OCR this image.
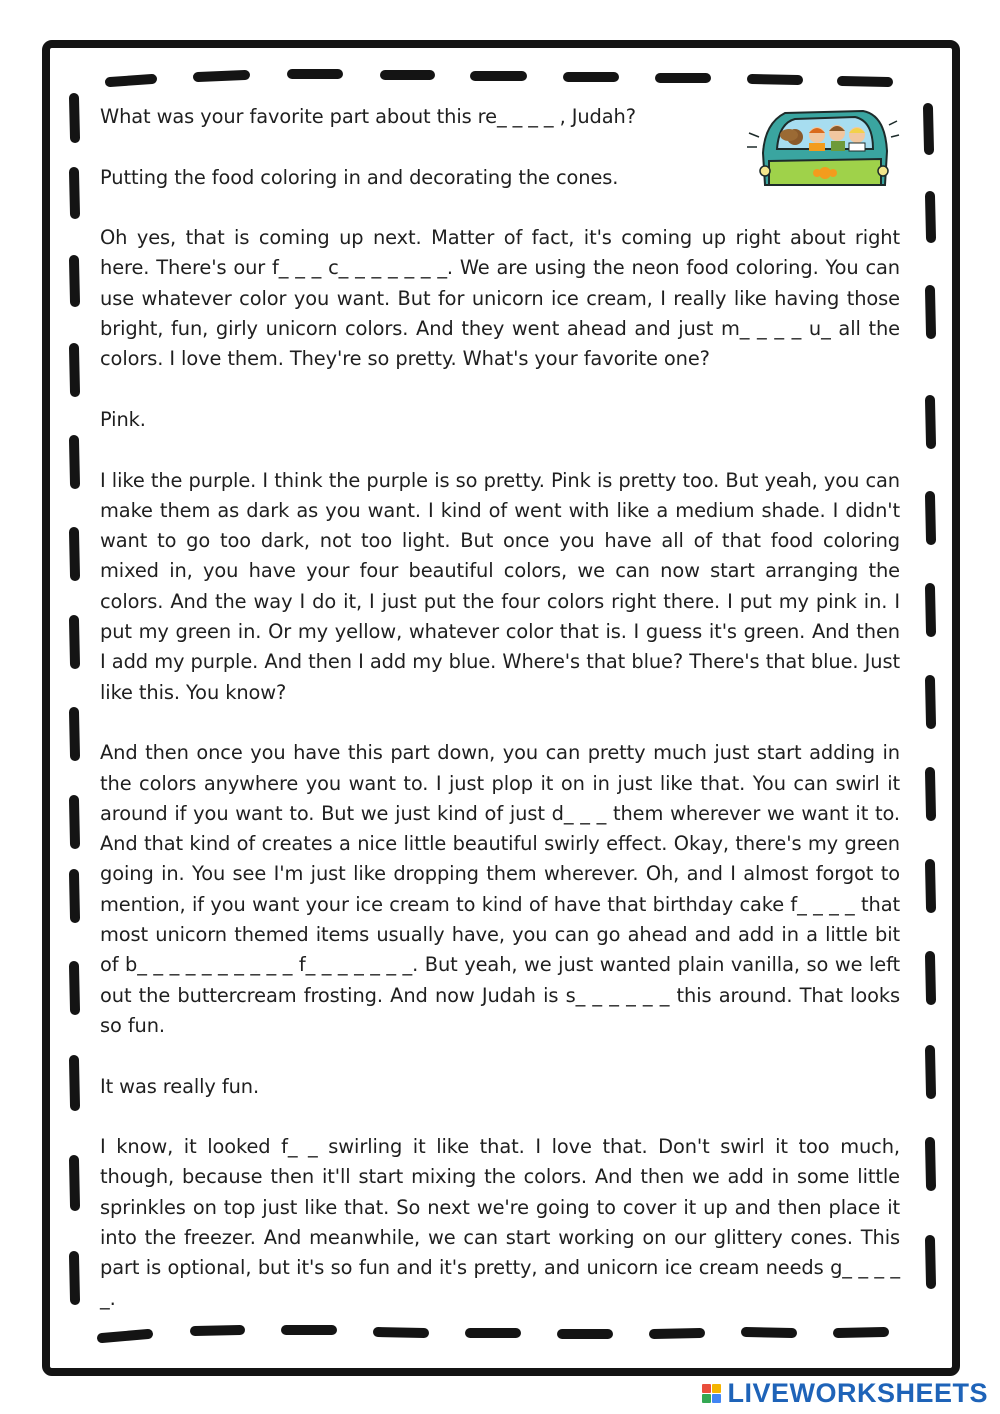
What was your favorite part about this re_ _ _ _ , Judah?

Putting the food coloring in and decorating the cones.

Oh yes, that is coming up next. Matter of fact, it's coming up right about right here. There's our f_ _ _ c_ _ _ _ _ _ _. We are using the neon food coloring. You can use whatever color you want. But for unicorn ice cream, I really like having those bright, fun, girly unicorn colors. And they went ahead and just m_ _ _ _ u_ all the colors. I love them. They're so pretty. What's your favorite one?

Pink.

I like the purple. I think the purple is so pretty. Pink is pretty too. But yeah, you can make them as dark as you want. I kind of went with like a medium shade. I didn't want to go too dark, not too light. But once you have all of that food coloring mixed in, you have your four beautiful colors, we can now start arranging the colors. And the way I do it, I just put the four colors right there. I put my pink in. I put my green in. Or my yellow, whatever color that is. I guess it's green. And then I add my purple. And then I add my blue. Where's that blue? There's that blue. Just like this. You know?

And then once you have this part down, you can pretty much just start adding in the colors anywhere you want to. I just plop it on in just like that. You can swirl it around if you want to. But we just kind of just d_ _ _ them wherever we want it to. And that kind of creates a nice little beautiful swirly effect. Okay, there's my green going in. You see I'm just like dropping them wherever. Oh, and I almost forgot to mention, if you want your ice cream to kind of have that birthday cake f_ _ _ _ that most unicorn themed items usually have, you can go ahead and add in a little bit of b_ _ _ _ _ _ _ _ _ _ f_ _ _ _ _ _ _. But yeah, we just wanted plain vanilla, so we left out the buttercream frosting. And now Judah is s_ _ _ _ _ _ this around. That looks so fun.

It was really fun.

I know, it looked f_ _ swirling it like that. I love that. Don't swirl it too much, though, because then it'll start mixing the colors. And then we add in some little sprinkles on top just like that. So next we're going to cover it up and then place it into the freezer. And meanwhile, we can start working on our glittery cones. This part is optional, but it's so fun and it's pretty, and unicorn ice cream needs g_ _ _ _ _.

LIVEWORKSHEETS
